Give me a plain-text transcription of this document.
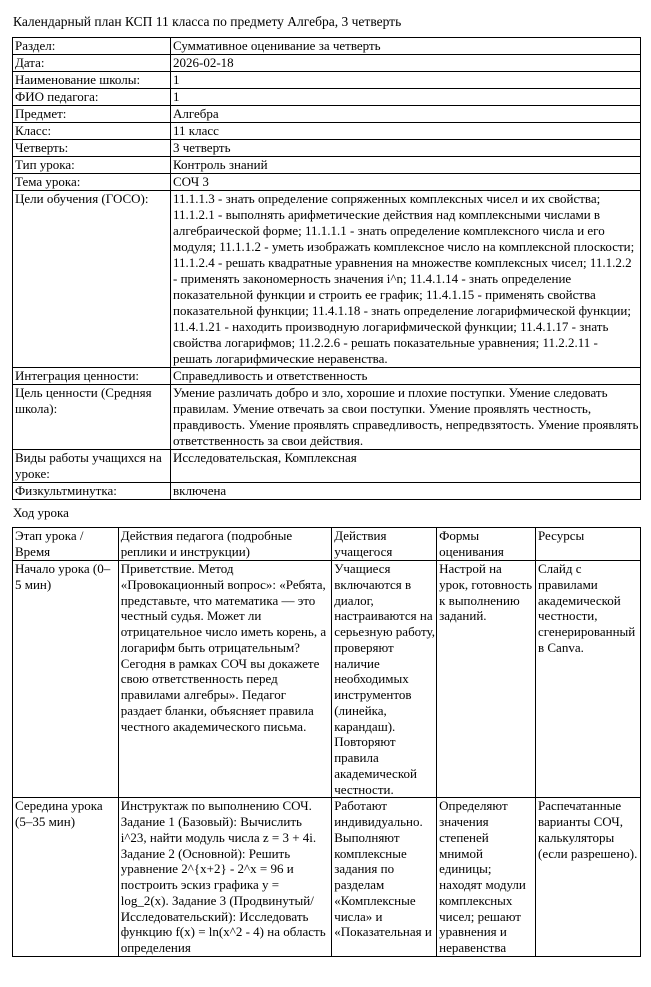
Календарный план КСП 11 класса по предмету Алгебра, 3 четверть
Раздел:	Суммативное оценивание за четверть
Дата:	2026-02-18
Наименование школы:	1
ФИО педагога:	1
Предмет:	Алгебра
Класс:	11 класс
Четверть:	3 четверть
Тип урока:	Контроль знаний
Тема урока:	СОЧ 3
Цели обучения (ГОСО):	11.1.1.3 - знать определение сопряженных комплексных чисел и их свойства; 11.1.2.1 - выполнять арифметические действия над комплексными числами в алгебраической форме; 11.1.1.1 - знать определение комплексного числа и его модуля; 11.1.1.2 - уметь изображать комплексное число на комплексной плоскости; 11.1.2.4 - решать квадратные уравнения на множестве комплексных чисел; 11.1.2.2 - применять закономерность значения i^n; 11.4.1.14 - знать определение показательной функции и строить ее график; 11.4.1.15 - применять свойства показательной функции; 11.4.1.18 - знать определение логарифмической функции; 11.4.1.21 - находить производную логарифмической функции; 11.4.1.17 - знать свойства логарифмов; 11.2.2.6 - решать показательные уравнения; 11.2.2.11 - решать логарифмические неравенства.
Интеграция ценности:	Справедливость и ответственность
Цель ценности (Средняя школа):	Умение различать добро и зло, хорошие и плохие поступки. Умение следовать правилам. Умение отвечать за свои поступки. Умение проявлять честность, правдивость. Умение проявлять справедливость, непредвзятость. Умение проявлять ответственность за свои действия.
Виды работы учащихся на уроке:	Исследовательская, Комплексная
Физкультминутка:	включена
Ход урока
Этап урока / Время	Действия педагога (подробные реплики и инструкции)	Действия учащегося	Формы оценивания	Ресурсы
Начало урока (0–5 мин)	Приветствие. Метод «Провокационный вопрос»: «Ребята, представьте, что математика — это честный судья. Может ли отрицательное число иметь корень, а логарифм быть отрицательным? Сегодня в рамках СОЧ вы докажете свою ответственность перед правилами алгебры». Педагог раздает бланки, объясняет правила честного академического письма.	Учащиеся включаются в диалог, настраиваются на серьезную работу, проверяют наличие необходимых инструментов (линейка, карандаш). Повторяют правила академической честности.	Настрой на урок, готовность к выполнению заданий.	Слайд с правилами академической честности, сгенерированный в Canva.
Середина урока (5–35 мин)	Инструктаж по выполнению СОЧ. Задание 1 (Базовый): Вычислить i^23, найти модуль числа z = 3 + 4i. Задание 2 (Основной): Решить уравнение 2^{x+2} - 2^x = 96 и построить эскиз графика y = log_2(x). Задание 3 (Продвинутый/Исследовательский): Исследовать функцию f(x) = ln(x^2 - 4) на область определения	Работают индивидуально. Выполняют комплексные задания по разделам «Комплексные числа» и «Показательная и	Определяют значения степеней мнимой единицы; находят модули комплексных чисел; решают уравнения и неравенства	Распечатанные варианты СОЧ, калькуляторы (если разрешено).
